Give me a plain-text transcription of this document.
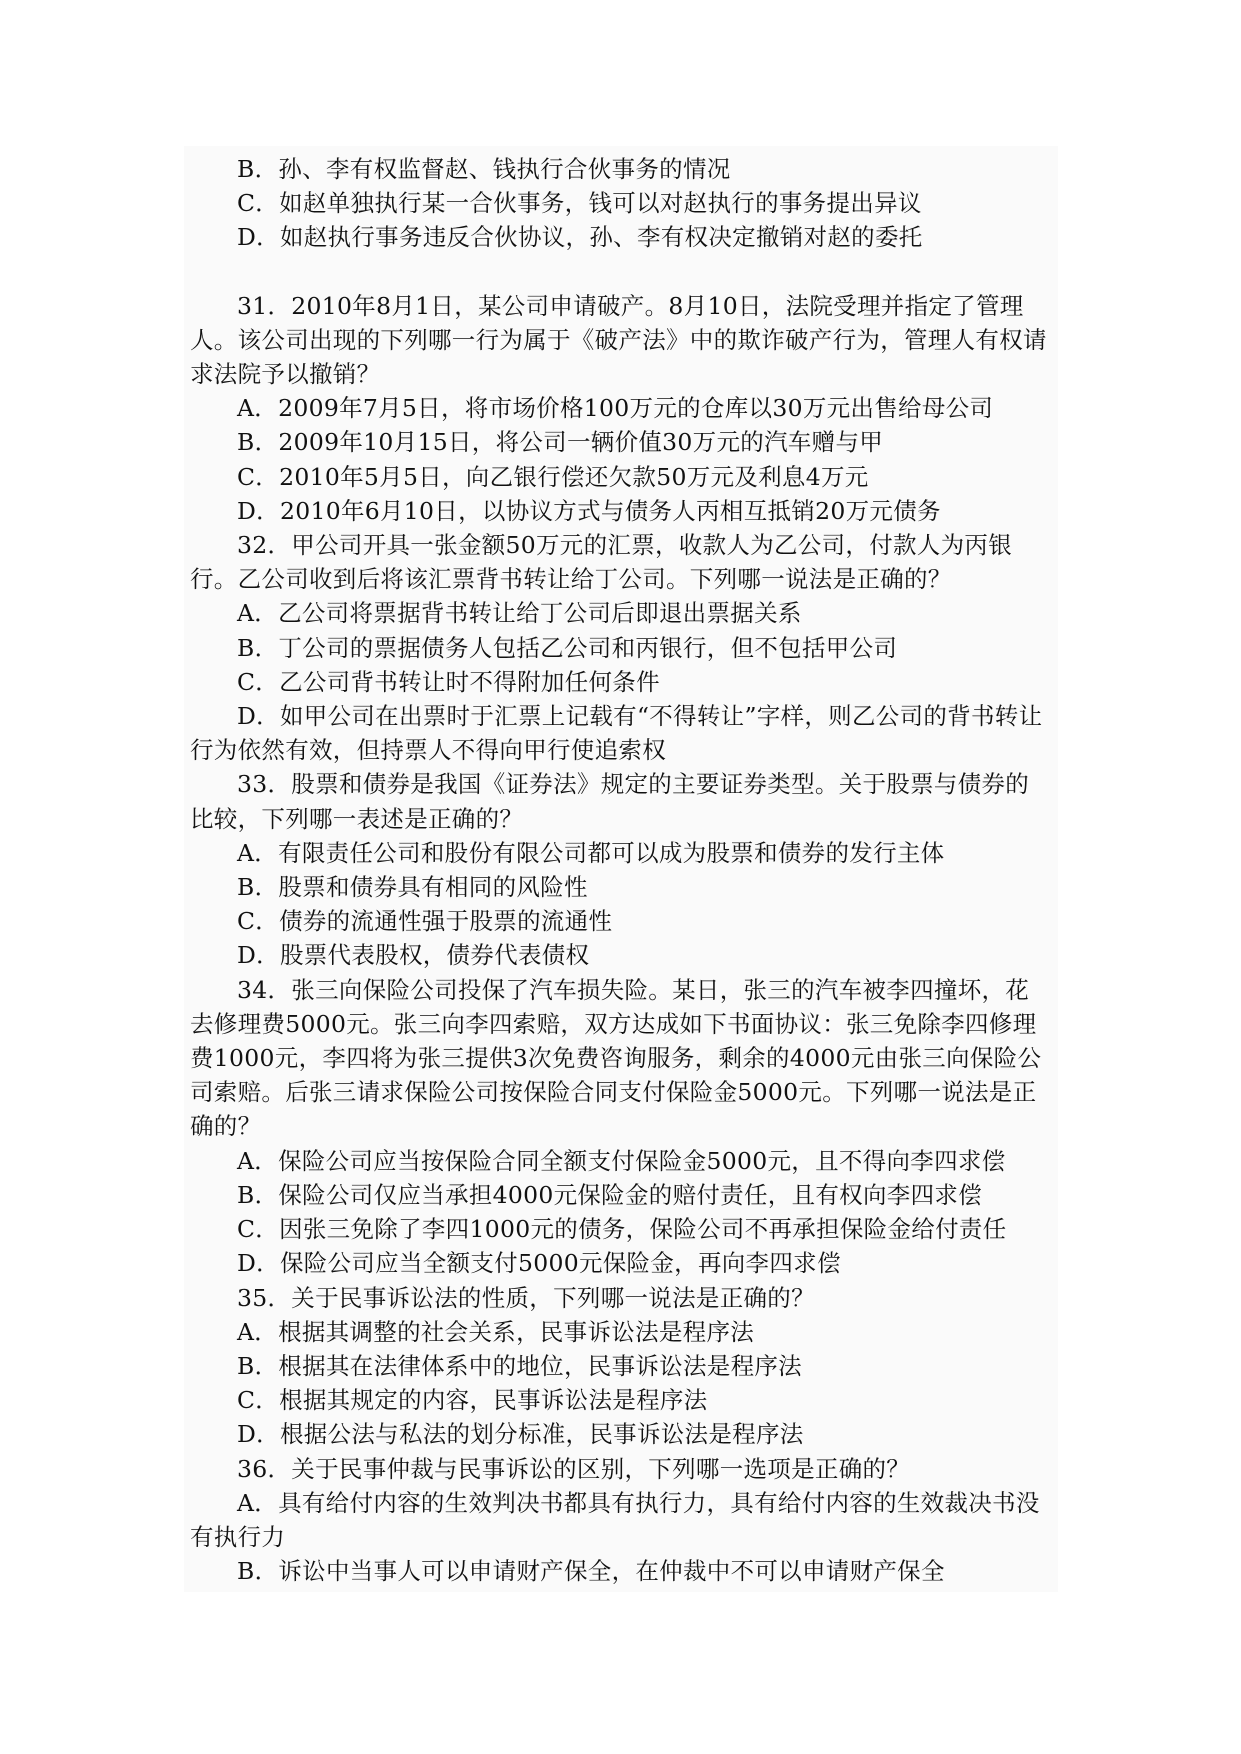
B．孙、李有权监督赵、钱执行合伙事务的情况

C．如赵单独执行某一合伙事务，钱可以对赵执行的事务提出异议

D．如赵执行事务违反合伙协议，孙、李有权决定撤销对赵的委托

31．2010年8月1日，某公司申请破产。8月10日，法院受理并指定了管理人。该公司出现的下列哪一行为属于《破产法》中的欺诈破产行为，管理人有权请求法院予以撤销？

A．2009年7月5日，将市场价格100万元的仓库以30万元出售给母公司

B．2009年10月15日，将公司一辆价值30万元的汽车赠与甲

C．2010年5月5日，向乙银行偿还欠款50万元及利息4万元

D．2010年6月10日，以协议方式与债务人丙相互抵销20万元债务

32．甲公司开具一张金额50万元的汇票，收款人为乙公司，付款人为丙银行。乙公司收到后将该汇票背书转让给丁公司。下列哪一说法是正确的？

A．乙公司将票据背书转让给丁公司后即退出票据关系

B．丁公司的票据债务人包括乙公司和丙银行，但不包括甲公司

C．乙公司背书转让时不得附加任何条件

D．如甲公司在出票时于汇票上记载有“不得转让”字样，则乙公司的背书转让行为依然有效，但持票人不得向甲行使追索权

33．股票和债券是我国《证券法》规定的主要证券类型。关于股票与债券的比较，下列哪一表述是正确的？

A．有限责任公司和股份有限公司都可以成为股票和债券的发行主体

B．股票和债券具有相同的风险性

C．债券的流通性强于股票的流通性

D．股票代表股权，债券代表债权

34．张三向保险公司投保了汽车损失险。某日，张三的汽车被李四撞坏，花去修理费5000元。张三向李四索赔，双方达成如下书面协议：张三免除李四修理费1000元，李四将为张三提供3次免费咨询服务，剩余的4000元由张三向保险公司索赔。后张三请求保险公司按保险合同支付保险金5000元。下列哪一说法是正确的？

A．保险公司应当按保险合同全额支付保险金5000元，且不得向李四求偿

B．保险公司仅应当承担4000元保险金的赔付责任，且有权向李四求偿

C．因张三免除了李四1000元的债务，保险公司不再承担保险金给付责任

D．保险公司应当全额支付5000元保险金，再向李四求偿

35．关于民事诉讼法的性质，下列哪一说法是正确的？

A．根据其调整的社会关系，民事诉讼法是程序法

B．根据其在法律体系中的地位，民事诉讼法是程序法

C．根据其规定的内容，民事诉讼法是程序法

D．根据公法与私法的划分标准，民事诉讼法是程序法

36．关于民事仲裁与民事诉讼的区别，下列哪一选项是正确的？

A．具有给付内容的生效判决书都具有执行力，具有给付内容的生效裁决书没有执行力

B．诉讼中当事人可以申请财产保全，在仲裁中不可以申请财产保全
